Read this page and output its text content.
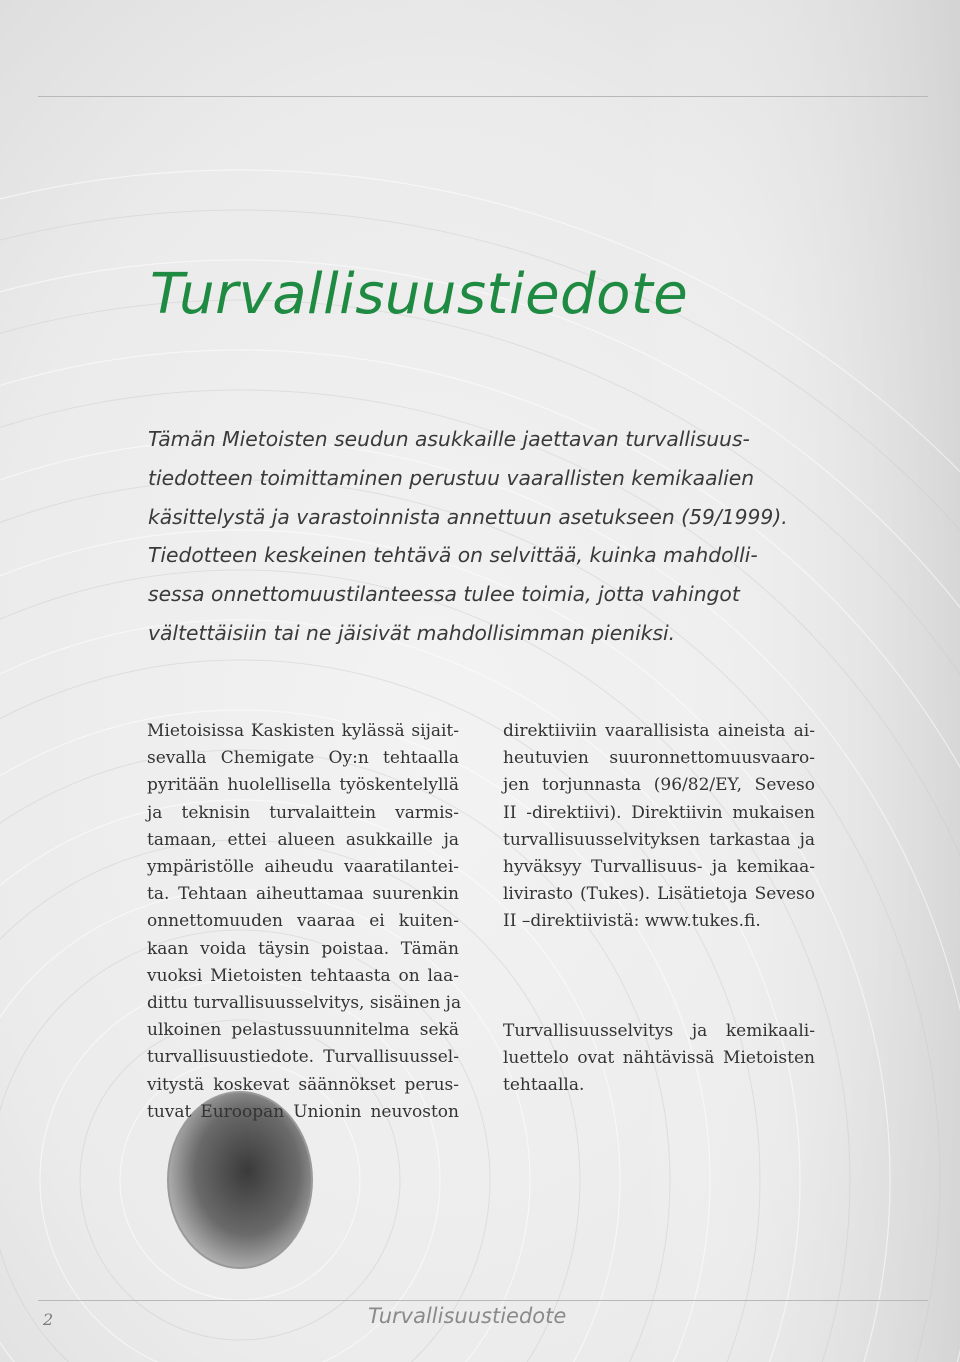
Turvallisuustiedote
Tämän Mietoisten seudun asukkaille jaettavan turvallisuus-
tiedotteen toimittaminen perustuu vaarallisten kemikaalien
käsittelystä ja varastoinnista annettuun asetukseen (59/1999).
Tiedotteen keskeinen tehtävä on selvittää, kuinka mahdolli-
sessa onnettomuustilanteessa tulee toimia, jotta vahingot
vältettäisiin tai ne jäisivät mahdollisimman pieniksi.
Mietoisissa Kaskisten kylässä sijait-
sevalla Chemigate Oy:n tehtaalla
pyritään huolellisella työskentelyllä
ja teknisin turvalaittein varmis-
tamaan, ettei alueen asukkaille ja
ympäristölle aiheudu vaaratilantei-
ta. Tehtaan aiheuttamaa suurenkin
onnettomuuden vaaraa ei kuiten-
kaan voida täysin poistaa. Tämän
vuoksi Mietoisten tehtaasta on laa-
dittu turvallisuusselvitys, sisäinen ja
ulkoinen pelastussuunnitelma sekä
turvallisuustiedote. Turvallisuussel-
vitystä koskevat säännökset perus-
tuvat Euroopan Unionin neuvoston
direktiiviin vaarallisista aineista ai-
heutuvien suuronnettomuusvaaro-
jen torjunnasta (96/82/EY, Seveso
II -direktiivi). Direktiivin mukaisen
turvallisuusselvityksen tarkastaa ja
hyväksyy Turvallisuus- ja kemikaa-
livirasto (Tukes). Lisätietoja Seveso
II –direktiivistä: www.tukes.fi.
Turvallisuusselvitys ja kemikaali-
luettelo ovat nähtävissä Mietoisten
tehtaalla.
2	Turvallisuustiedote
